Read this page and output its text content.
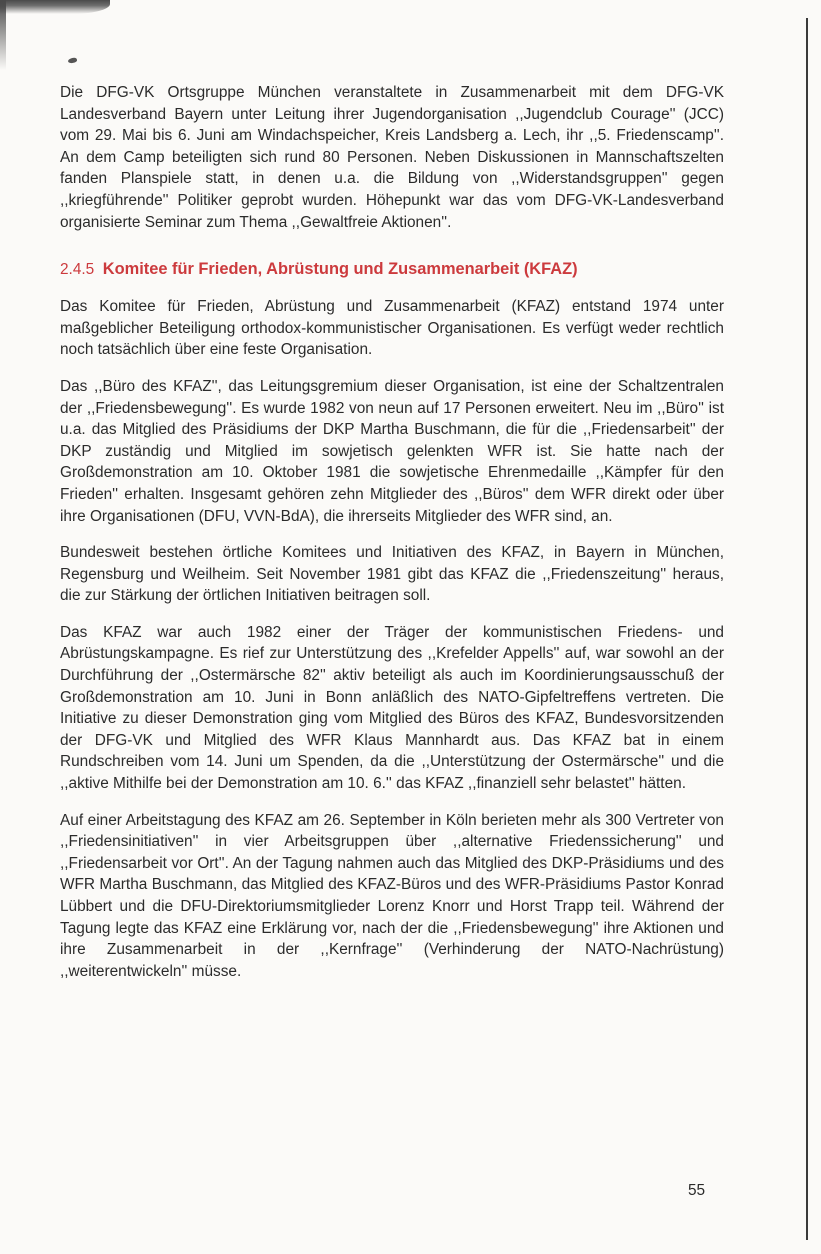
Die DFG-VK Ortsgruppe München veranstaltete in Zusammenarbeit mit dem DFG-VK Landesverband Bayern unter Leitung ihrer Jugendorganisation ,,Jugendclub Courage'' (JCC) vom 29. Mai bis 6. Juni am Windachspeicher, Kreis Landsberg a. Lech, ihr ,,5. Friedenscamp''. An dem Camp beteiligten sich rund 80 Personen. Neben Diskussionen in Mannschaftszelten fanden Planspiele statt, in denen u.a. die Bildung von ,,Widerstandsgruppen'' gegen ,,kriegführende'' Politiker geprobt wurden. Höhepunkt war das vom DFG-VK-Landesverband organisierte Seminar zum Thema ,,Gewaltfreie Aktionen''.

2.4.5 Komitee für Frieden, Abrüstung und Zusammenarbeit (KFAZ)

Das Komitee für Frieden, Abrüstung und Zusammenarbeit (KFAZ) entstand 1974 unter maßgeblicher Beteiligung orthodox-kommunistischer Organisationen. Es verfügt weder rechtlich noch tatsächlich über eine feste Organisation.

Das ,,Büro des KFAZ'', das Leitungsgremium dieser Organisation, ist eine der Schaltzentralen der ,,Friedensbewegung''. Es wurde 1982 von neun auf 17 Personen erweitert. Neu im ,,Büro'' ist u.a. das Mitglied des Präsidiums der DKP Martha Buschmann, die für die ,,Friedensarbeit'' der DKP zuständig und Mitglied im sowjetisch gelenkten WFR ist. Sie hatte nach der Großdemonstration am 10. Oktober 1981 die sowjetische Ehrenmedaille ,,Kämpfer für den Frieden'' erhalten. Insgesamt gehören zehn Mitglieder des ,,Büros'' dem WFR direkt oder über ihre Organisationen (DFU, VVN-BdA), die ihrerseits Mitglieder des WFR sind, an.

Bundesweit bestehen örtliche Komitees und Initiativen des KFAZ, in Bayern in München, Regensburg und Weilheim. Seit November 1981 gibt das KFAZ die ,,Friedenszeitung'' heraus, die zur Stärkung der örtlichen Initiativen beitragen soll.

Das KFAZ war auch 1982 einer der Träger der kommunistischen Friedens- und Abrüstungskampagne. Es rief zur Unterstützung des ,,Krefelder Appells'' auf, war sowohl an der Durchführung der ,,Ostermärsche 82'' aktiv beteiligt als auch im Koordinierungsausschuß der Großdemonstration am 10. Juni in Bonn anläßlich des NATO-Gipfeltreffens vertreten. Die Initiative zu dieser Demonstration ging vom Mitglied des Büros des KFAZ, Bundesvorsitzenden der DFG-VK und Mitglied des WFR Klaus Mannhardt aus. Das KFAZ bat in einem Rundschreiben vom 14. Juni um Spenden, da die ,,Unterstützung der Ostermärsche'' und die ,,aktive Mithilfe bei der Demonstration am 10. 6.'' das KFAZ ,,finanziell sehr belastet'' hätten.

Auf einer Arbeitstagung des KFAZ am 26. September in Köln berieten mehr als 300 Vertreter von ,,Friedensinitiativen'' in vier Arbeitsgruppen über ,,alternative Friedenssicherung'' und ,,Friedensarbeit vor Ort''. An der Tagung nahmen auch das Mitglied des DKP-Präsidiums und des WFR Martha Buschmann, das Mitglied des KFAZ-Büros und des WFR-Präsidiums Pastor Konrad Lübbert und die DFU-Direktoriumsmitglieder Lorenz Knorr und Horst Trapp teil. Während der Tagung legte das KFAZ eine Erklärung vor, nach der die ,,Friedensbewegung'' ihre Aktionen und ihre Zusammenarbeit in der ,,Kernfrage'' (Verhinderung der NATO-Nachrüstung) ,,weiterentwickeln'' müsse.

55
